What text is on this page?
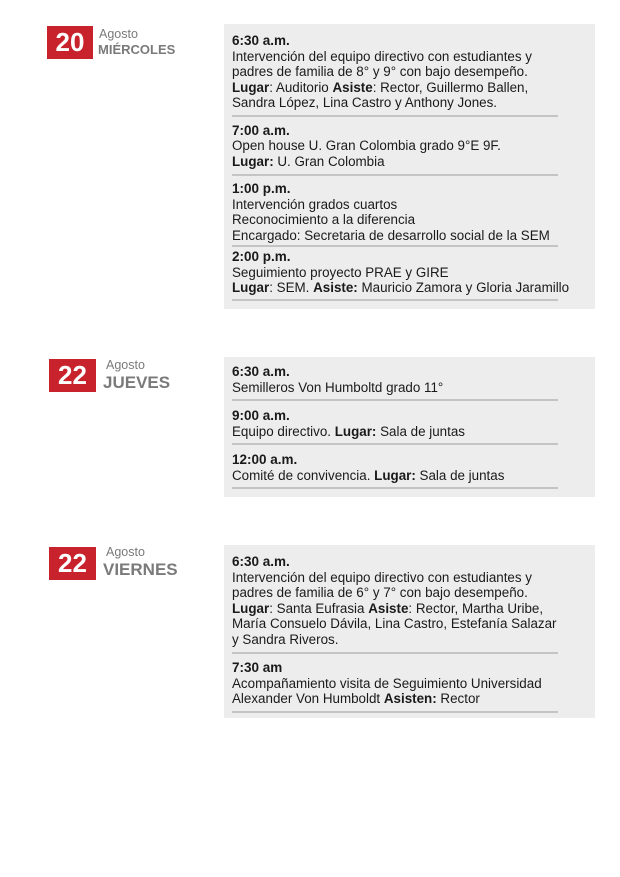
20	Agosto
MIÉRCOLES
6:30 a.m.
Intervención del equipo directivo con estudiantes y
padres de familia de 8° y 9° con bajo desempeño.
Lugar: Auditorio Asiste: Rector, Guillermo Ballen,
Sandra López, Lina Castro y Anthony Jones.
7:00 a.m.
Open house U. Gran Colombia grado 9°E 9F.
Lugar: U. Gran Colombia
1:00 p.m.
Intervención grados cuartos
Reconocimiento a la diferencia
Encargado: Secretaria de desarrollo social de la SEM
2:00 p.m.
Seguimiento proyecto PRAE y GIRE
Lugar: SEM. Asiste: Mauricio Zamora y Gloria Jaramillo
22	Agosto
JUEVES
6:30 a.m.
Semilleros Von Humboltd grado 11°
9:00 a.m.
Equipo directivo. Lugar: Sala de juntas
12:00 a.m.
Comité de convivencia. Lugar: Sala de juntas
22	Agosto
VIERNES	6:30 a.m.
Intervención del equipo directivo con estudiantes y
padres de familia de 6° y 7° con bajo desempeño.
Lugar: Santa Eufrasia Asiste: Rector, Martha Uribe,
María Consuelo Dávila, Lina Castro, Estefanía Salazar
y Sandra Riveros.
7:30 am
Acompañamiento visita de Seguimiento Universidad
Alexander Von Humboldt Asisten: Rector
